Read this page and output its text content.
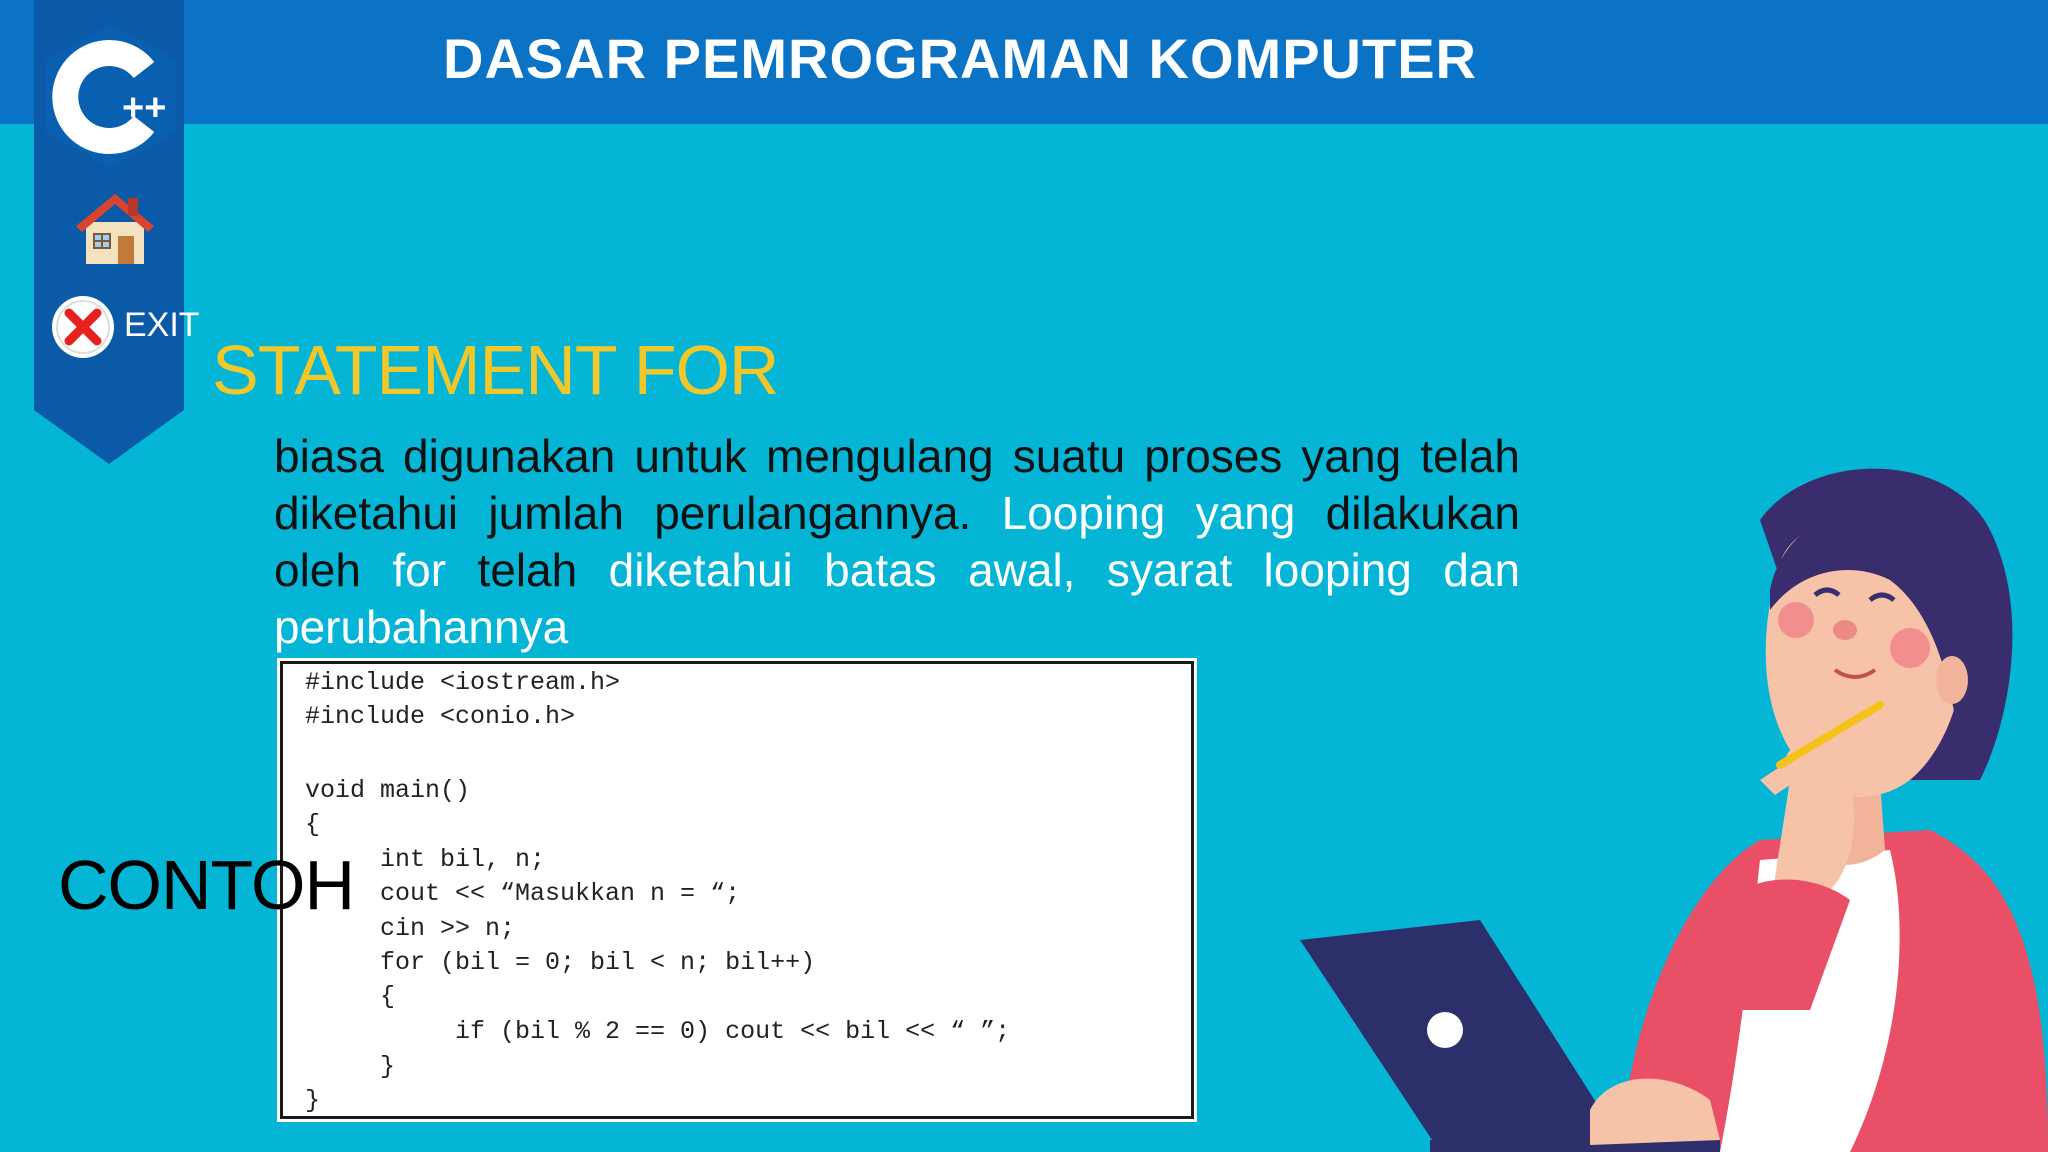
++
DASAR PEMROGRAMAN KOMPUTER
EXIT
STATEMENT FOR
biasa digunakan untuk mengulang suatu proses yang telah diketahui jumlah perulangannya. Looping yang dilakukan oleh for telah diketahui batas awal, syarat looping dan perubahannya
#include <iostream.h>
#include <conio.h>
void main()
{
int bil, n;
cout << “Masukkan n = “;
cin >> n;
for (bil = 0; bil < n; bil++)
{
if (bil % 2 == 0) cout << bil << “ ”;
}
}
CONTOH
